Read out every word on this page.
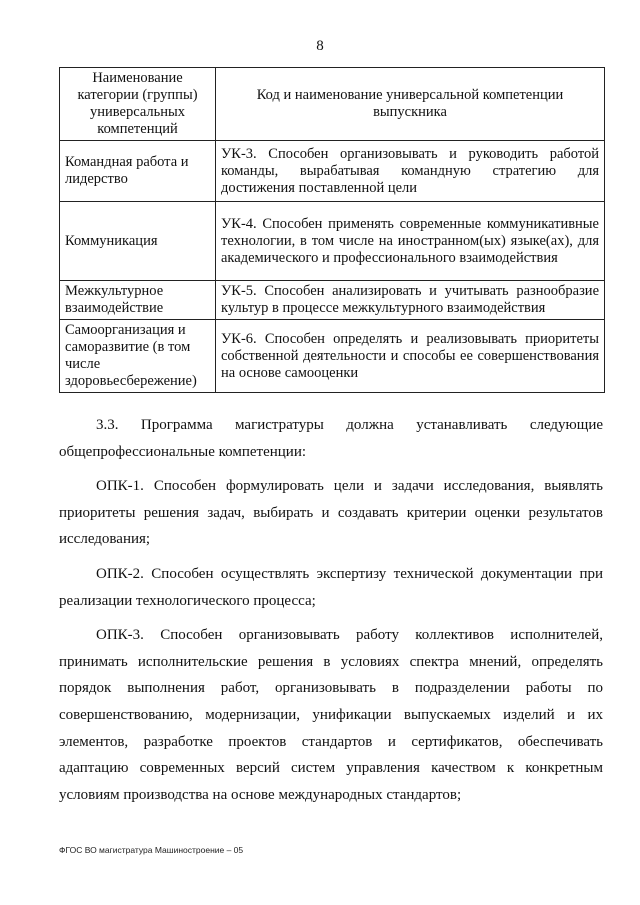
8
Наименование категории (группы) универсальных компетенций	Код и наименование универсальной компетенции выпускника
Командная работа и лидерство	УК-3. Способен организовывать и руководить работой команды, вырабатывая командную стратегию для достижения поставленной цели
Коммуникация	УК-4. Способен применять современные коммуникативные технологии, в том числе на иностранном(ых) языке(ах), для академического и профессионального взаимодействия
Межкультурное взаимодействие	УК-5. Способен анализировать и учитывать разнообразие культур в процессе межкультурного взаимодействия
Самоорганизация и саморазвитие (в том числе здоровьесбережение)	УК-6. Способен определять и реализовывать приоритеты собственной деятельности и способы ее совершенствования на основе самооценки

3.3. Программа магистратуры должна устанавливать следующие общепрофессиональные компетенции:

ОПК-1. Способен формулировать цели и задачи исследования, выявлять приоритеты решения задач, выбирать и создавать критерии оценки результатов исследования;

ОПК-2. Способен осуществлять экспертизу технической документации при реализации технологического процесса;

ОПК-3. Способен организовывать работу коллективов исполнителей, принимать исполнительские решения в условиях спектра мнений, определять порядок выполнения работ, организовывать в подразделении работы по совершенствованию, модернизации, унификации выпускаемых изделий и их элементов, разработке проектов стандартов и сертификатов, обеспечивать адаптацию современных версий систем управления качеством к конкретным условиям производства на основе международных стандартов;

ФГОС ВО магистратура Машиностроение – 05
